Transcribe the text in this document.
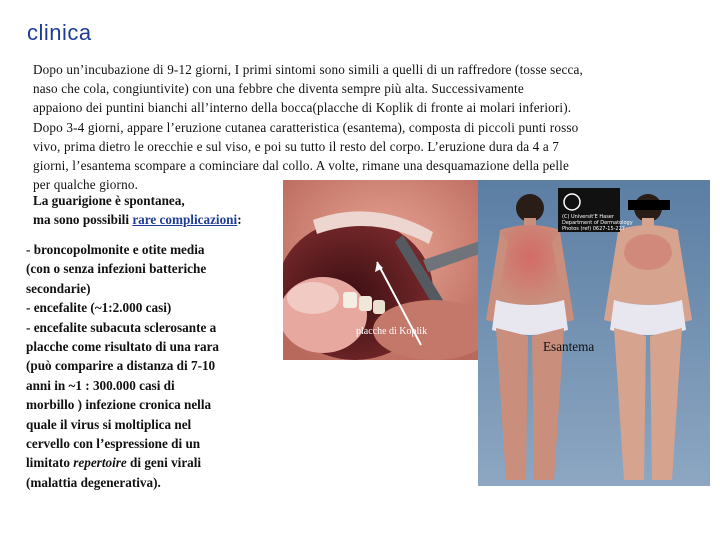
clinica
Dopo un’incubazione di 9-12 giorni, I primi sintomi sono simili a quelli di un raffredore (tosse secca,
naso che cola, congiuntivite) con una febbre che diventa sempre più alta. Successivamente
appaiono dei puntini bianchi all’interno della bocca(placche di Koplik di fronte ai molari inferiori).
Dopo 3-4 giorni, appare l’eruzione cutanea caratteristica (esantema), composta di piccoli punti rosso
vivo, prima dietro le orecchie e sul viso, e poi su tutto il resto del corpo. L’eruzione dura da 4 a 7
giorni, l’esantema scompare a cominciare dal collo. A volte, rimane una desquamazione della pelle
per qualche giorno.
La guarigione è spontanea,
ma sono possibili rare complicazioni:
- broncopolmonite e otite media
(con o senza infezioni batteriche
secondarie)
- encefalite (~1:2.000 casi)
- encefalite subacuta sclerosante a
placche come risultato di una rara
(può comparire a distanza di 7-10
anni in ~1 : 300.000 casi di
morbillo ) infezione cronica nella
quale il virus si moltiplica nel
cervello con l’espressione di un
limitato repertoire di geni virali
(malattia degenerativa).
placche di Koplik
(C) Universit'E Haser
Department of Dermatology
Photos (ref) 0627-15-227
Esantema
